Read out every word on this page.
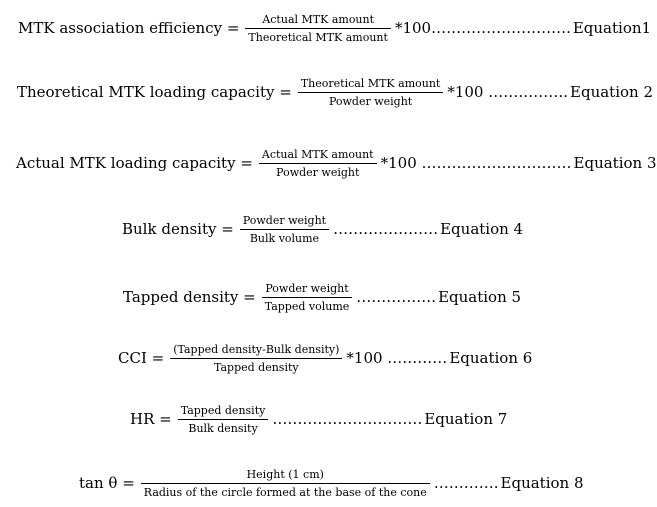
MTK association efficiency = $\frac{\text{Actual MTK amount}}{\text{Theoretical MTK amount}}$ *100………………………. Equation1
Theoretical MTK loading capacity = $\frac{\text{Theoretical MTK amount}}{\text{Powder weight}} *100$ ……………. Equation 2
Actual MTK loading capacity = $\frac{\text{Actual MTK amount}}{\text{Powder weight}} *100$ ………………………… Equation 3
Bulk density = $\frac{\text{Powder weight}}{\text{Bulk volume}}$ ………………… Equation 4
Tapped density = $\frac{\text{Powder weight}}{\text{Tapped volume}}$ ……………. Equation 5
CCI = $\frac{\text{(Tapped density-Bulk density)}}{\text{Tapped density}} *100$ ………… Equation 6
HR = $\frac{\text{Tapped density}}{\text{Bulk density}}$ ………………………… Equation 7
$\tan \theta = \frac{\text{Height (1 cm)}}{\text{Radius of the circle formed at the base of the cone}}$ …………. Equation 8
